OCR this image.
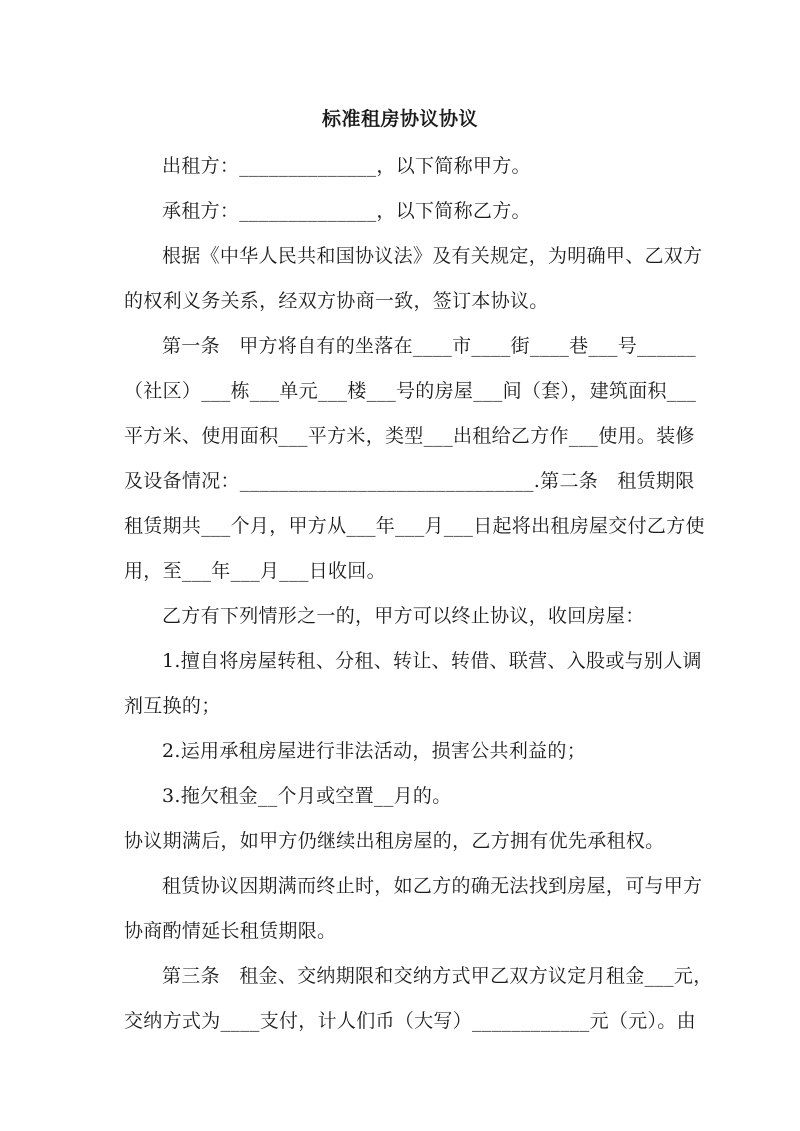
标准租房协议协议
出租方：______________，以下简称甲方。
承租方：______________，以下简称乙方。
根据《中华人民共和国协议法》及有关规定，为明确甲、乙双方
的权利义务关系，经双方协商一致，签订本协议。
第一条　甲方将自有的坐落在____市____街____巷___号______
（社区）___栋___单元___楼___号的房屋___间（套），建筑面积___
平方米、使用面积___平方米，类型___出租给乙方作___使用。装修
及设备情况：______________________________.第二条　租赁期限
租赁期共___个月，甲方从___年___月___日起将出租房屋交付乙方使
用，至___年___月___日收回。
乙方有下列情形之一的，甲方可以终止协议，收回房屋：
1.擅自将房屋转租、分租、转让、转借、联营、入股或与别人调
剂互换的；
2.运用承租房屋进行非法活动，损害公共利益的；
3.拖欠租金__个月或空置__月的。
协议期满后，如甲方仍继续出租房屋的，乙方拥有优先承租权。
租赁协议因期满而终止时，如乙方的确无法找到房屋，可与甲方
协商酌情延长租赁期限。
第三条　租金、交纳期限和交纳方式甲乙双方议定月租金___元，
交纳方式为____支付，计人们币（大写）____________元（元）。由
